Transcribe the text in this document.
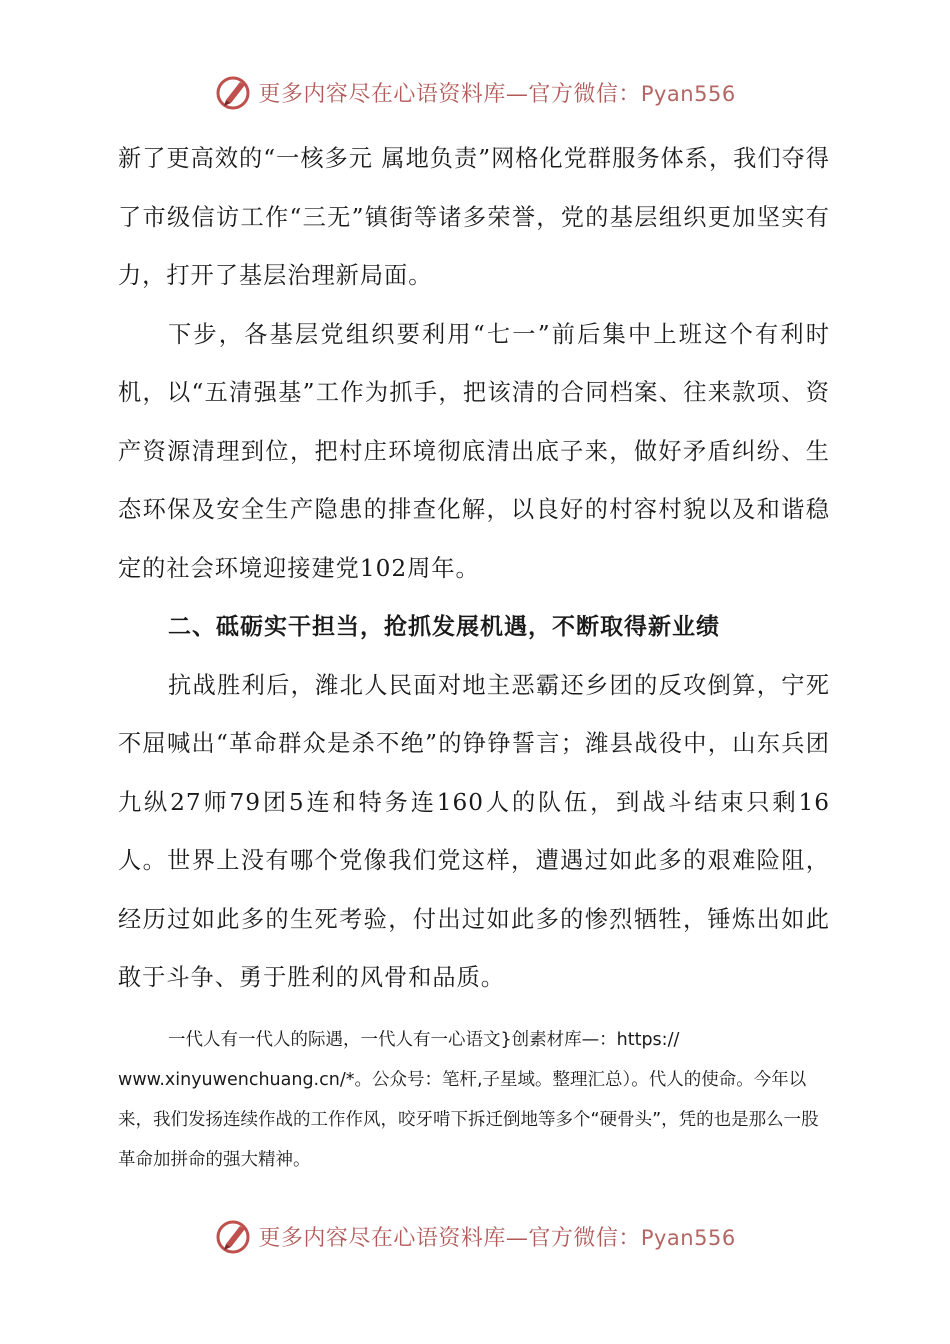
更多内容尽在心语资料库—官方微信：Pyan556

新了更高效的“一核多元 属地负责”网格化党群服务体系，我们夺得了市级信访工作“三无”镇街等诸多荣誉，党的基层组织更加坚实有力，打开了基层治理新局面。

下步，各基层党组织要利用“七一”前后集中上班这个有利时机，以“五清强基”工作为抓手，把该清的合同档案、往来款项、资产资源清理到位，把村庄环境彻底清出底子来，做好矛盾纠纷、生态环保及安全生产隐患的排查化解，以良好的村容村貌以及和谐稳定的社会环境迎接建党102周年。

二、砥砺实干担当，抢抓发展机遇，不断取得新业绩

抗战胜利后，潍北人民面对地主恶霸还乡团的反攻倒算，宁死不屈喊出“革命群众是杀不绝”的铮铮誓言；潍县战役中，山东兵团九纵27师79团5连和特务连160人的队伍，到战斗结束只剩16人。世界上没有哪个党像我们党这样，遭遇过如此多的艰难险阻，经历过如此多的生死考验，付出过如此多的惨烈牺牲，锤炼出如此敢于斗争、勇于胜利的风骨和品质。

一代人有一代人的际遇，一代人有一心语文}创素材库—：https://
www.xinyuwenchuang.cn/*。公众号：笔杆,子星域。整理汇总）。代人的使命。今年以来，我们发扬连续作战的工作作风，咬牙啃下拆迁倒地等多个“硬骨头”，凭的也是那么一股革命加拼命的强大精神。
更多内容尽在心语资料库—官方微信：Pyan556
